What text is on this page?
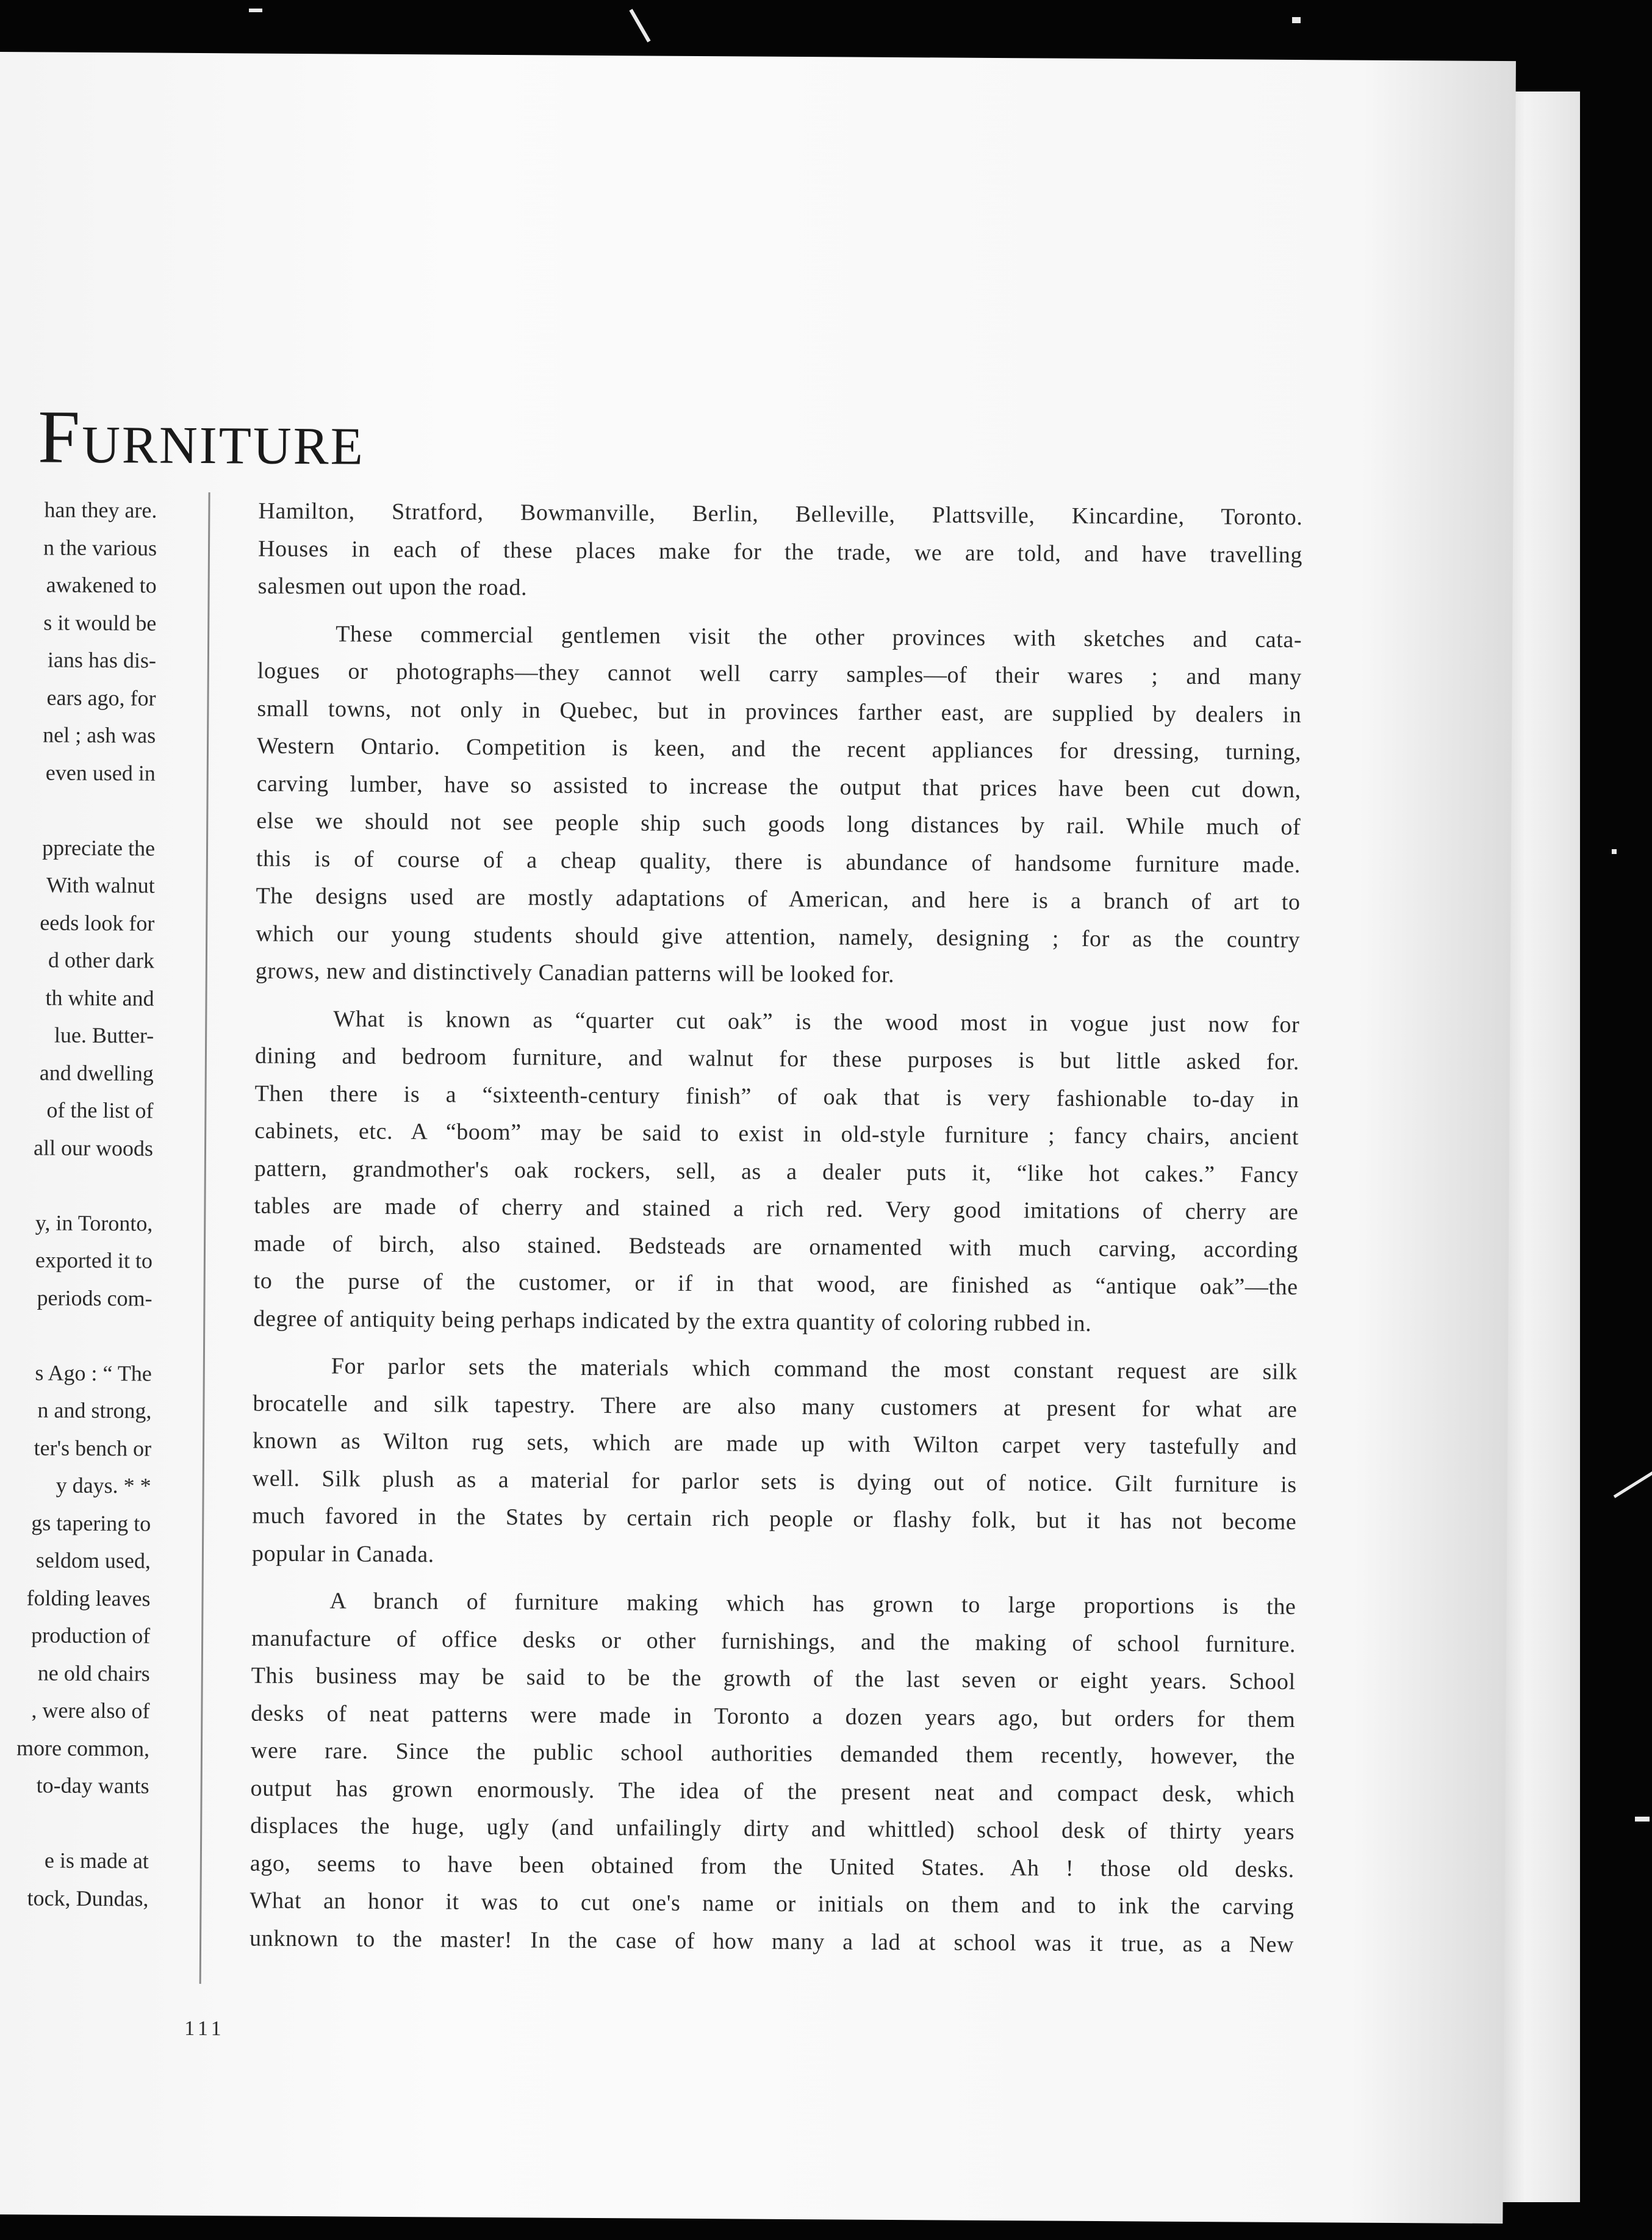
Furniture
han they are.
n the various
awakened to
s it would be
ians has dis-
ears ago, for
nel ; ash was
even used in
ppreciate the
With walnut
eeds look for
d other dark
th white and
lue. Butter-
and dwelling
of the list of
all our woods
y, in Toronto,
exported it to
periods com-
s Ago : “ The
n and strong,
ter's bench or
y days. * *
gs tapering to
seldom used,
folding leaves
production of
ne old chairs
, were also of
more common,
to-day wants
e is made at
tock, Dundas,
Hamilton, Stratford, Bowmanville, Berlin, Belleville, Plattsville, Kincardine, Toronto.
Houses in each of these places make for the trade, we are told, and have travelling
salesmen out upon the road.
These commercial gentlemen visit the other provinces with sketches and cata-
logues or photographs—they cannot well carry samples—of their wares ; and many
small towns, not only in Quebec, but in provinces farther east, are supplied by dealers in
Western Ontario. Competition is keen, and the recent appliances for dressing, turning,
carving lumber, have so assisted to increase the output that prices have been cut down,
else we should not see people ship such goods long distances by rail. While much of
this is of course of a cheap quality, there is abundance of handsome furniture made.
The designs used are mostly adaptations of American, and here is a branch of art to
which our young students should give attention, namely, designing ; for as the country
grows, new and distinctively Canadian patterns will be looked for.
What is known as “quarter cut oak” is the wood most in vogue just now for
dining and bedroom furniture, and walnut for these purposes is but little asked for.
Then there is a “sixteenth-century finish” of oak that is very fashionable to-day in
cabinets, etc. A “boom” may be said to exist in old-style furniture ; fancy chairs, ancient
pattern, grandmother's oak rockers, sell, as a dealer puts it, “like hot cakes.” Fancy
tables are made of cherry and stained a rich red. Very good imitations of cherry are
made of birch, also stained. Bedsteads are ornamented with much carving, according
to the purse of the customer, or if in that wood, are finished as “antique oak”—the
degree of antiquity being perhaps indicated by the extra quantity of coloring rubbed in.
For parlor sets the materials which command the most constant request are silk
brocatelle and silk tapestry. There are also many customers at present for what are
known as Wilton rug sets, which are made up with Wilton carpet very tastefully and
well. Silk plush as a material for parlor sets is dying out of notice. Gilt furniture is
much favored in the States by certain rich people or flashy folk, but it has not become
popular in Canada.
A branch of furniture making which has grown to large proportions is the
manufacture of office desks or other furnishings, and the making of school furniture.
This business may be said to be the growth of the last seven or eight years. School
desks of neat patterns were made in Toronto a dozen years ago, but orders for them
were rare. Since the public school authorities demanded them recently, however, the
output has grown enormously. The idea of the present neat and compact desk, which
displaces the huge, ugly (and unfailingly dirty and whittled) school desk of thirty years
ago, seems to have been obtained from the United States. Ah ! those old desks.
What an honor it was to cut one's name or initials on them and to ink the carving
unknown to the master! In the case of how many a lad at school was it true, as a New
111
